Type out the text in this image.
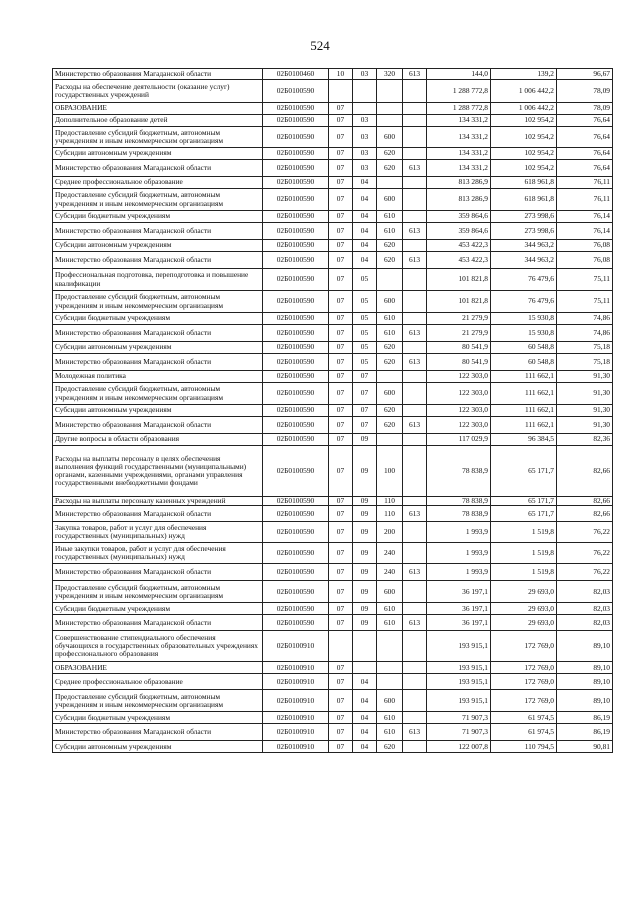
524
Министерство образования Магаданской области	02Б0100460	10	03	320	613	144,0	139,2	96,67
Расходы на обеспечение деятельности (оказание услуг) государственных учреждений	02Б0100590					1 288 772,8	1 006 442,2	78,09
ОБРАЗОВАНИЕ	02Б0100590	07				1 288 772,8	1 006 442,2	78,09
Дополнительное образование детей	02Б0100590	07	03			134 331,2	102 954,2	76,64
Предоставление субсидий бюджетным, автономным учреждениям и иным некоммерческим организациям	02Б0100590	07	03	600		134 331,2	102 954,2	76,64
Субсидии автономным учреждениям	02Б0100590	07	03	620		134 331,2	102 954,2	76,64
Министерство образования Магаданской области	02Б0100590	07	03	620	613	134 331,2	102 954,2	76,64
Среднее профессиональное образование	02Б0100590	07	04			813 286,9	618 961,8	76,11
Предоставление субсидий бюджетным, автономным учреждениям и иным некоммерческим организациям	02Б0100590	07	04	600		813 286,9	618 961,8	76,11
Субсидии бюджетным учреждениям	02Б0100590	07	04	610		359 864,6	273 998,6	76,14
Министерство образования Магаданской области	02Б0100590	07	04	610	613	359 864,6	273 998,6	76,14
Субсидии автономным учреждениям	02Б0100590	07	04	620		453 422,3	344 963,2	76,08
Министерство образования Магаданской области	02Б0100590	07	04	620	613	453 422,3	344 963,2	76,08
Профессиональная подготовка, переподготовка и повышение квалификации	02Б0100590	07	05			101 821,8	76 479,6	75,11
Предоставление субсидий бюджетным, автономным учреждениям и иным некоммерческим организациям	02Б0100590	07	05	600		101 821,8	76 479,6	75,11
Субсидии бюджетным учреждениям	02Б0100590	07	05	610		21 279,9	15 930,8	74,86
Министерство образования Магаданской области	02Б0100590	07	05	610	613	21 279,9	15 930,8	74,86
Субсидии автономным учреждениям	02Б0100590	07	05	620		80 541,9	60 548,8	75,18
Министерство образования Магаданской области	02Б0100590	07	05	620	613	80 541,9	60 548,8	75,18
Молодежная политика	02Б0100590	07	07			122 303,0	111 662,1	91,30
Предоставление субсидий бюджетным, автономным учреждениям и иным некоммерческим организациям	02Б0100590	07	07	600		122 303,0	111 662,1	91,30
Субсидии автономным учреждениям	02Б0100590	07	07	620		122 303,0	111 662,1	91,30
Министерство образования Магаданской области	02Б0100590	07	07	620	613	122 303,0	111 662,1	91,30
Другие вопросы в области образования	02Б0100590	07	09			117 029,9	96 384,5	82,36
Расходы на выплаты персоналу в целях обеспечения выполнения функций государственными (муниципальными) органами, казенными учреждениями, органами управления государственными внебюджетными фондами	02Б0100590	07	09	100		78 838,9	65 171,7	82,66
Расходы на выплаты персоналу казенных учреждений	02Б0100590	07	09	110		78 838,9	65 171,7	82,66
Министерство образования Магаданской области	02Б0100590	07	09	110	613	78 838,9	65 171,7	82,66
Закупка товаров, работ и услуг для обеспечения государственных (муниципальных) нужд	02Б0100590	07	09	200		1 993,9	1 519,8	76,22
Иные закупки товаров, работ и услуг для обеспечения государственных (муниципальных) нужд	02Б0100590	07	09	240		1 993,9	1 519,8	76,22
Министерство образования Магаданской области	02Б0100590	07	09	240	613	1 993,9	1 519,8	76,22
Предоставление субсидий бюджетным, автономным учреждениям и иным некоммерческим организациям	02Б0100590	07	09	600		36 197,1	29 693,0	82,03
Субсидии бюджетным учреждениям	02Б0100590	07	09	610		36 197,1	29 693,0	82,03
Министерство образования Магаданской области	02Б0100590	07	09	610	613	36 197,1	29 693,0	82,03
Совершенствование стипендиального обеспечения обучающихся в государственных образовательных учреждениях профессионального образования	02Б0100910					193 915,1	172 769,0	89,10
ОБРАЗОВАНИЕ	02Б0100910	07				193 915,1	172 769,0	89,10
Среднее профессиональное образование	02Б0100910	07	04			193 915,1	172 769,0	89,10
Предоставление субсидий бюджетным, автономным учреждениям и иным некоммерческим организациям	02Б0100910	07	04	600		193 915,1	172 769,0	89,10
Субсидии бюджетным учреждениям	02Б0100910	07	04	610		71 907,3	61 974,5	86,19
Министерство образования Магаданской области	02Б0100910	07	04	610	613	71 907,3	61 974,5	86,19
Субсидии автономным учреждениям	02Б0100910	07	04	620		122 007,8	110 794,5	90,81
